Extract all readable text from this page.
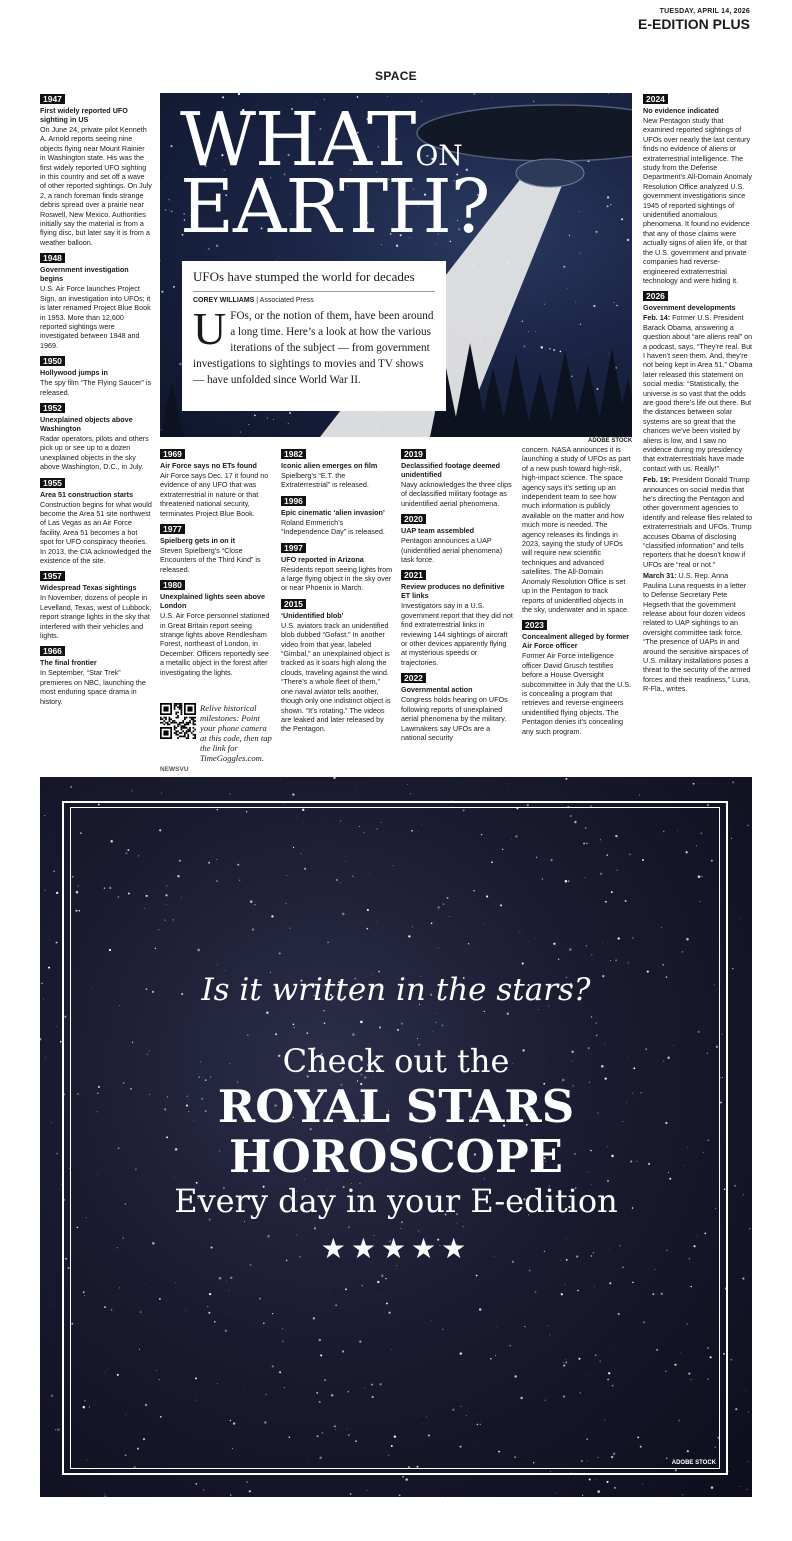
TUESDAY, APRIL 14, 2026
E-EDITION PLUS
SPACE
1947
First widely reported UFO sighting in US
On June 24, private pilot Kenneth A. Arnold reports seeing nine objects flying near Mount Rainier in Washington state. His was the first widely reported UFO sighting in this country and set off a wave of other reported sightings. On July 2, a ranch foreman finds strange debris spread over a prairie near Roswell, New Mexico. Authorities initially say the material is from a flying disc, but later say it is from a weather balloon.
1948
Government investigation begins
U.S. Air Force launches Project Sign, an investigation into UFOs; it is later renamed Project Blue Book in 1953. More than 12,600 reported sightings were investigated between 1948 and 1969.
1950
Hollywood jumps in
The spy film “The Flying Saucer” is released.
1952
Unexplained objects above Washington
Radar operators, pilots and others pick up or see up to a dozen unexplained objects in the sky above Washington, D.C., in July.
1955
Area 51 construction starts
Construction begins for what would become the Area 51 site northwest of Las Vegas as an Air Force facility. Area 51 becomes a hot spot for UFO conspiracy theories. In 2013, the CIA acknowledged the existence of the site.
1957
Widespread Texas sightings
In November, dozens of people in Levelland, Texas, west of Lubbock, report strange lights in the sky that interfered with their vehicles and lights.
1966
The final frontier
In September, “Star Trek” premieres on NBC, launching the most enduring space drama in history.
1969
Air Force says no ETs found
Air Force says Dec. 17 it found no evidence of any UFO that was extraterrestrial in nature or that threatened national security, terminates Project Blue Book.
1977
Spielberg gets in on it
Steven Spielberg’s “Close Encounters of the Third Kind” is released.
1980
Unexplained lights seen above London
U.S. Air Force personnel stationed in Great Britain report seeing strange lights above Rendlesham Forest, northeast of London, in December. Officers reportedly see a metallic object in the forest after investigating the lights.
1982
Iconic alien emerges on film
Spielberg’s “E.T. the Extraterrestrial” is released.
1996
Epic cinematic ‘alien invasion’
Roland Emmerich’s “Independence Day” is released.
1997
UFO reported in Arizona
Residents report seeing lights from a large flying object in the sky over or near Phoenix in March.
2015
‘Unidentified blob’
U.S. aviators track an unidentified blob dubbed “Gofast.” In another video from that year, labeled “Gimbal,” an unexplained object is tracked as it soars high along the clouds, traveling against the wind. “There’s a whole fleet of them,” one naval aviator tells another, though only one indistinct object is shown. “It’s rotating.” The videos are leaked and later released by the Pentagon.
2019
Declassified footage deemed unidentified
Navy acknowledges the three clips of declassified military footage as unidentified aerial phenomena.
2020
UAP team assembled
Pentagon announces a UAP (unidentified aerial phenomena) task force.
2021
Review produces no definitive ET links
Investigators say in a U.S. government report that they did not find extraterrestrial links in reviewing 144 sightings of aircraft or other devices apparently flying at mysterious speeds or trajectories.
2022
Governmental action
Congress holds hearing on UFOs following reports of unexplained aerial phenomena by the military. Lawmakers say UFOs are a national security
concern. NASA announces it is launching a study of UFOs as part of a new push toward high-risk, high-impact science. The space agency says it’s setting up an independent team to see how much information is publicly available on the matter and how much more is needed. The agency releases its findings in 2023, saying the study of UFOs will require new scientific techniques and advanced satellites. The All-Domain Anomaly Resolution Office is set up in the Pentagon to track reports of unidentified objects in the sky, underwater and in space.
2023
Concealment alleged by former Air Force officer
Former Air Force intelligence officer David Grusch testifies before a House Oversight subcommittee in July that the U.S. is concealing a program that retrieves and reverse-engineers unidentified flying objects. The Pentagon denies it’s concealing any such program.
2024
No evidence indicated
New Pentagon study that examined reported sightings of UFOs over nearly the last century finds no evidence of aliens or extraterrestrial intelligence. The study from the Defense Department’s All-Domain Anomaly Resolution Office analyzed U.S. government investigations since 1945 of reported sightings of unidentified anomalous phenomena. It found no evidence that any of those claims were actually signs of alien life, or that the U.S. government and private companies had reverse-engineered extraterrestrial technology and were hiding it.
2026
Government developments
Feb. 14: Former U.S. President Barack Obama, answering a question about “are aliens real” on a podcast, says, “They’re real. But I haven’t seen them. And, they’re not being kept in Area 51.” Obama later released this statement on social media: “Statistically, the universe is so vast that the odds are good there’s life out there. But the distances between solar systems are so great that the chances we’ve been visited by aliens is low, and I saw no evidence during my presidency that extraterrestrials have made contact with us. Really!”
Feb. 19: President Donald Trump announces on social media that he’s directing the Pentagon and other government agencies to identify and release files related to extraterrestrials and UFOs. Trump accuses Obama of disclosing “classified information” and tells reporters that he doesn’t know if UFOs are “real or not.”
March 31: U.S. Rep. Anna Paulina Luna requests in a letter to Defense Secretary Pete Hegseth that the government release about four dozen videos related to UAP sightings to an oversight committee task force. “The presence of UAPs in and around the sensitive airspaces of U.S. military installations poses a threat to the security of the armed forces and their readiness,” Luna, R-Fla., writes.
WHATON
EARTH?
ADOBE STOCK
UFOs have stumped the world for decades
COREY WILLIAMS | Associated Press
U FOs, or the notion of them, have been around a long time. Here’s a look at how the various iterations of the subject — from government investigations to sightings to movies and TV shows — have unfolded since World War II.
Relive historical milestones: Point your phone camera at this code, then tap the link for TimeGoggles.com.
NEWSVU
Is it written in the stars?
Check out the
ROYAL STARS
HOROSCOPE
Every day in your E-edition
★★★★★
ADOBE STOCK
